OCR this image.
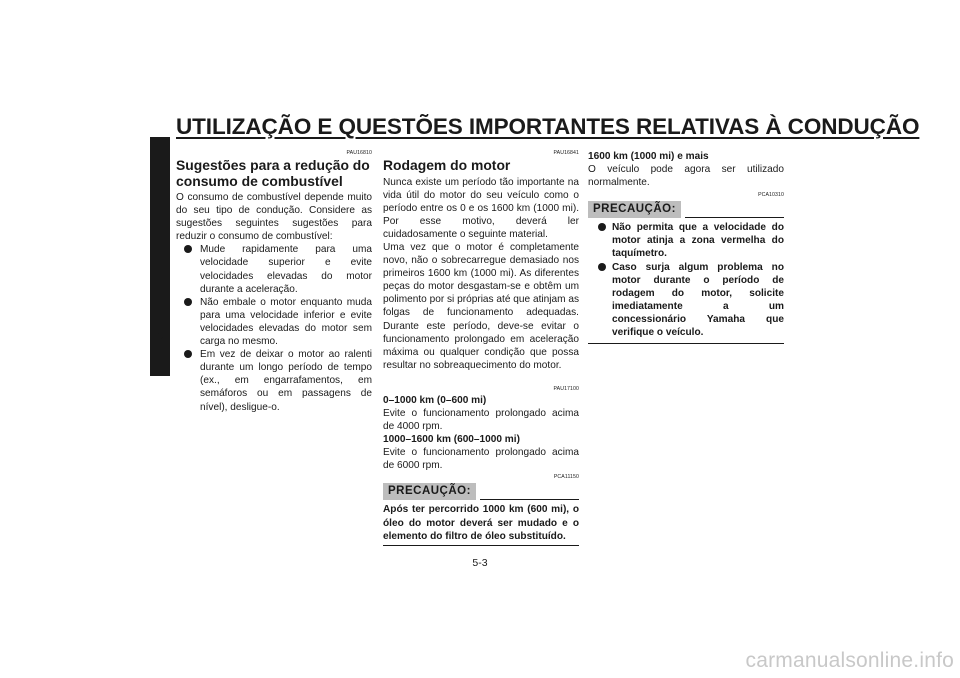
UTILIZAÇÃO E QUESTÕES IMPORTANTES RELATIVAS À CONDUÇÃO
5
PAU16810
Sugestões para a redução do consumo de combustível

O consumo de combustível depende muito do seu tipo de condução. Considere as sugestões seguintes sugestões para reduzir o consumo de combustível:

Mude rapidamente para uma velocidade superior e evite velocidades elevadas do motor durante a aceleração.
Não embale o motor enquanto muda para uma velocidade inferior e evite velocidades elevadas do motor sem carga no mesmo.
Em vez de deixar o motor ao ralenti durante um longo período de tempo (ex., em engarrafamentos, em semáforos ou em passagens de nível), desligue-o.
PAU16841
Rodagem do motor

Nunca existe um período tão importante na vida útil do motor do seu veículo como o período entre os 0 e os 1600 km (1000 mi). Por esse motivo, deverá ler cuidadosamente o seguinte material.

Uma vez que o motor é completamente novo, não o sobrecarregue demasiado nos primeiros 1600 km (1000 mi). As diferentes peças do motor desgastam-se e obtêm um polimento por si próprias até que atinjam as folgas de funcionamento adequadas. Durante este período, deve-se evitar o funcionamento prolongado em aceleração máxima ou qualquer condição que possa resultar no sobreaquecimento do motor.

PAU17100

0–1000 km (0–600 mi)

Evite o funcionamento prolongado acima de 4000 rpm.

1000–1600 km (600–1000 mi)

Evite o funcionamento prolongado acima de 6000 rpm.

PCA11150
PRECAUÇÃO:

Após ter percorrido 1000 km (600 mi), o óleo do motor deverá ser mudado e o elemento do filtro de óleo substituído.

1600 km (1000 mi) e mais

O veículo pode agora ser utilizado normalmente.

PCA10310
PRECAUÇÃO:
Não permita que a velocidade do motor atinja a zona vermelha do taquímetro.
Caso surja algum problema no motor durante o período de rodagem do motor, solicite imediatamente a um concessionário Yamaha que verifique o veículo.
5-3
carmanualsonline.info
